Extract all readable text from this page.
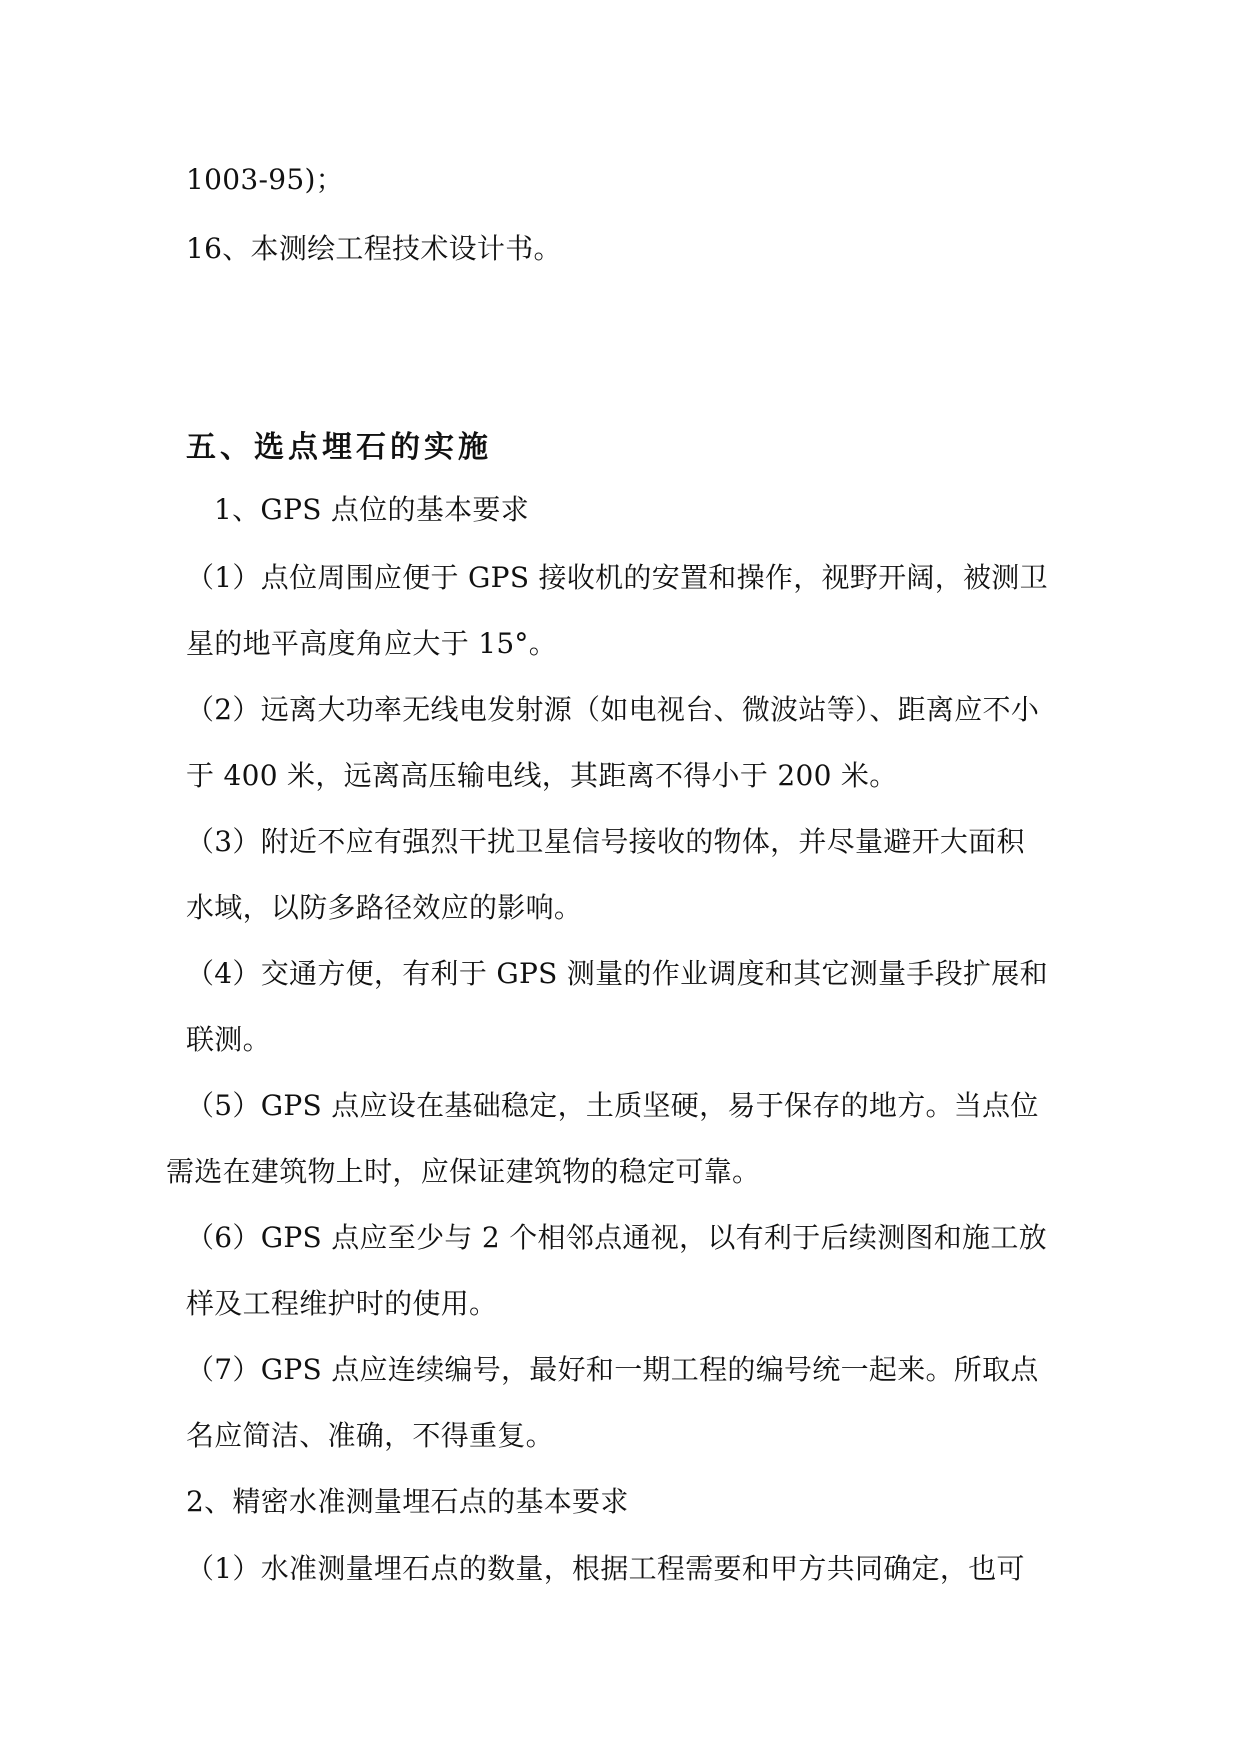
1003-95)；
16、本测绘工程技术设计书。
五、选点埋石的实施
1、GPS 点位的基本要求
（1）点位周围应便于 GPS 接收机的安置和操作，视野开阔，被测卫
星的地平高度角应大于 15°。
（2）远离大功率无线电发射源（如电视台、微波站等）、距离应不小
于 400 米，远离高压输电线，其距离不得小于 200 米。
（3）附近不应有强烈干扰卫星信号接收的物体，并尽量避开大面积
水域，以防多路径效应的影响。
（4）交通方便，有利于 GPS 测量的作业调度和其它测量手段扩展和
联测。
（5）GPS 点应设在基础稳定，土质坚硬，易于保存的地方。当点位
需选在建筑物上时，应保证建筑物的稳定可靠。
（6）GPS 点应至少与 2 个相邻点通视，以有利于后续测图和施工放
样及工程维护时的使用。
（7）GPS 点应连续编号，最好和一期工程的编号统一起来。所取点
名应简洁、准确，不得重复。
2、精密水准测量埋石点的基本要求
（1）水准测量埋石点的数量，根据工程需要和甲方共同确定，也可
